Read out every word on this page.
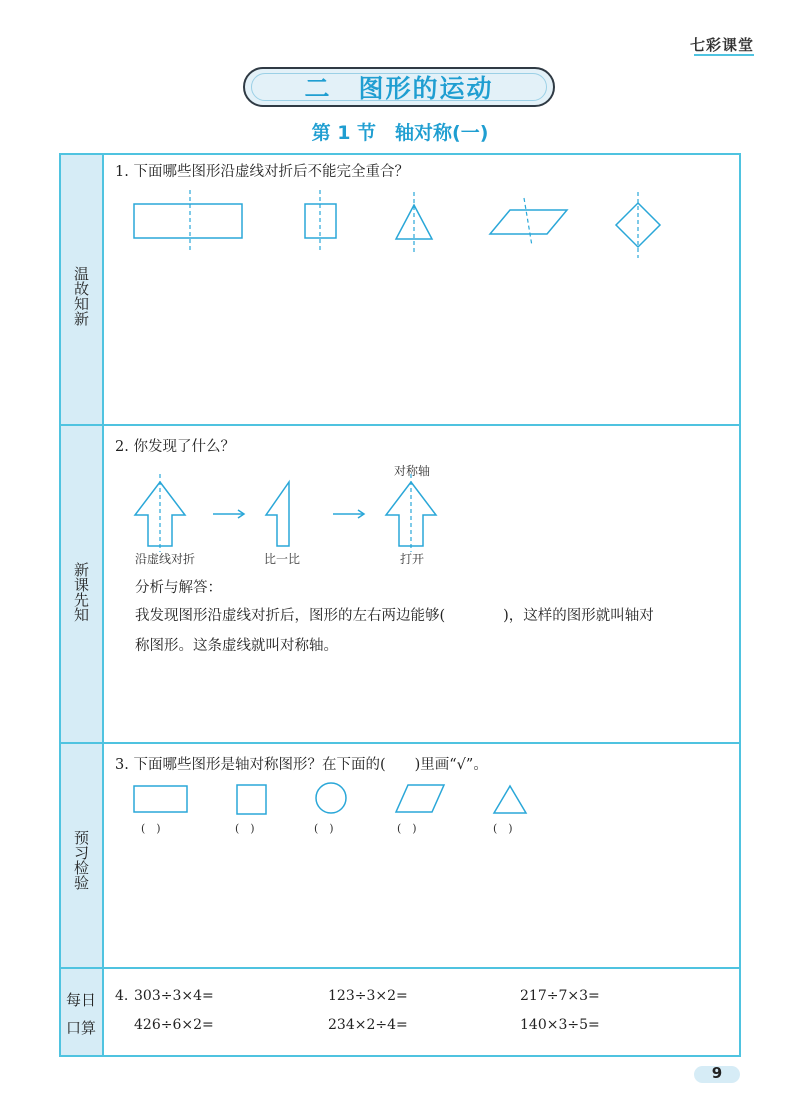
七彩课堂
二　图形的运动
第 1 节　轴对称(一)
温故知新
新课先知
预习检验
每日口算
1. 下面哪些图形沿虚线对折后不能完全重合？
2. 你发现了什么？
对称轴
沿虚线对折	比一比	打开
分析与解答：
我发现图形沿虚线对折后，图形的左右两边能够(　　　　)，这样的图形就叫轴对
称图形。这条虚线就叫对称轴。
3. 下面哪些图形是轴对称图形？在下面的(　　)里画“√”。
(　)	(　)	(　)	(　)	(　)
4. 303÷3×4=	123÷3×2=	217÷7×3=
426÷6×2=	234×2÷4=	140×3÷5=
9
